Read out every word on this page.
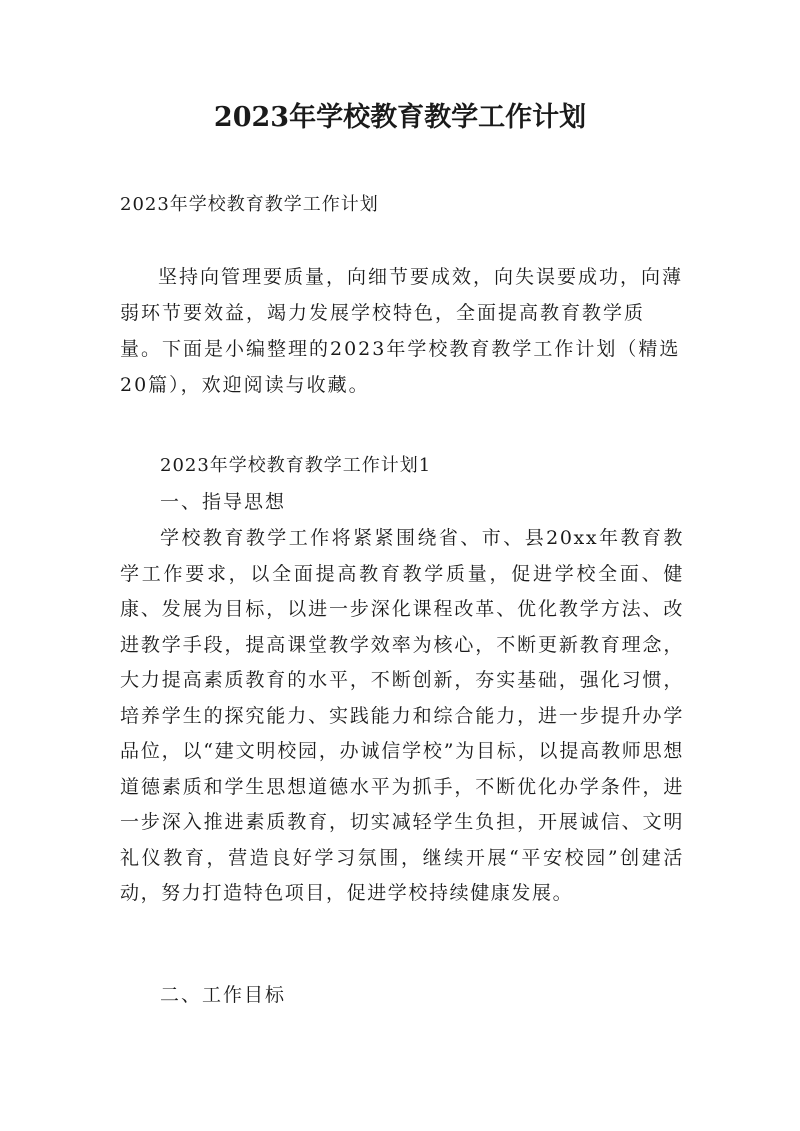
2023年学校教育教学工作计划

2023年学校教育教学工作计划

坚持向管理要质量，向细节要成效，向失误要成功，向薄弱环节要效益，竭力发展学校特色，全面提高教育教学质量。下面是小编整理的2023年学校教育教学工作计划（精选20篇），欢迎阅读与收藏。

2023年学校教育教学工作计划1

一、指导思想

学校教育教学工作将紧紧围绕省、市、县20xx年教育教学工作要求，以全面提高教育教学质量，促进学校全面、健康、发展为目标，以进一步深化课程改革、优化教学方法、改进教学手段，提高课堂教学效率为核心，不断更新教育理念，大力提高素质教育的水平，不断创新，夯实基础，强化习惯，培养学生的探究能力、实践能力和综合能力，进一步提升办学品位，以“建文明校园，办诚信学校”为目标，以提高教师思想道德素质和学生思想道德水平为抓手，不断优化办学条件，进一步深入推进素质教育，切实减轻学生负担，开展诚信、文明礼仪教育，营造良好学习氛围，继续开展“平安校园”创建活动，努力打造特色项目，促进学校持续健康发展。

二、工作目标
